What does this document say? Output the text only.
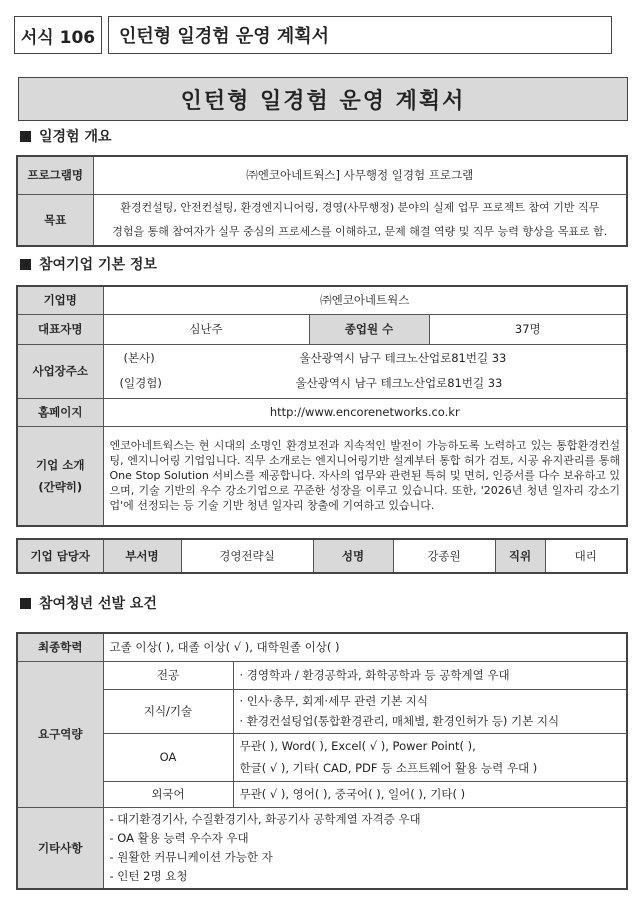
서식 106	인턴형 일경험 운영 계획서
인턴형 일경험 운영 계획서
일경험 개요
프로그램명	㈜엔코아네트웍스] 사무행정 일경험 프로그램
목표	환경컨설팅, 안전컨설팅, 환경엔지니어링, 경영(사무행정) 분야의 실제 업무 프로젝트 참여 기반 직무
경험을 통해 참여자가 실무 중심의 프로세스를 이해하고, 문제 해결 역량 및 직무 능력 향상을 목표로 함.
참여기업 기본 정보
기업명	㈜엔코아네트웍스		
대표자명	심난주	종업원 수	37명
사업장주소	(본사) 울산광역시 남구 테크노산업로81번길 33
(일경험) 울산광역시 남구 테크노산업로81번길 33		

홈페이지	http://www.encorenetworks.co.kr		

기업 소개
(간략히)	엔코아네트웍스는 현 시대의 소명인 환경보전과 지속적인 발전이 가능하도록 노력하고 있는 통합환경컨설팅, 엔지니어링 기업입니다. 직무 소개로는 엔지니어링기반 설계부터 통합 허가 검토, 시공 유지관리를 통해 One Stop Solution 서비스를 제공합니다. 자사의 업무와 관련된 특허 및 면허, 인증서를 다수 보유하고 있으며, 기술 기반의 우수 강소기업으로 꾸준한 성장을 이루고 있습니다. 또한, '2026년 청년 일자리 강소기업'에 선정되는 등 기술 기반 청년 일자리 창출에 기여하고 있습니다.		
기업 담당자	부서명	경영전략실	성명	강종원	직위	대리
참여청년 선발 요건
최종학력	고졸 이상( ), 대졸 이상( √ ), 대학원졸 이상( )	
요구역량	전공	· 경영학과 / 환경공학과, 화학공학과 등 공학계열 우대
	지식/기술	· 인사·총무, 회계·세무 관련 기본 지식
· 환경컨설팅업(통합환경관리, 매체별, 환경인허가 등) 기본 지식

	OA	무관( ), Word( ), Excel( √ ), Power Point( ),
한글( √ ), 기타( CAD, PDF 등 소프트웨어 활용 능력 우대 )

	외국어	무관( √ ), 영어( ), 중국어( ), 일어( ), 기타( )
기타사항	- 대기환경기사, 수질환경기사, 화공기사 공학계열 자격증 우대
- OA 활용 능력 우수자 우대
- 원활한 커뮤니케이션 가능한 자
- 인턴 2명 요청	
